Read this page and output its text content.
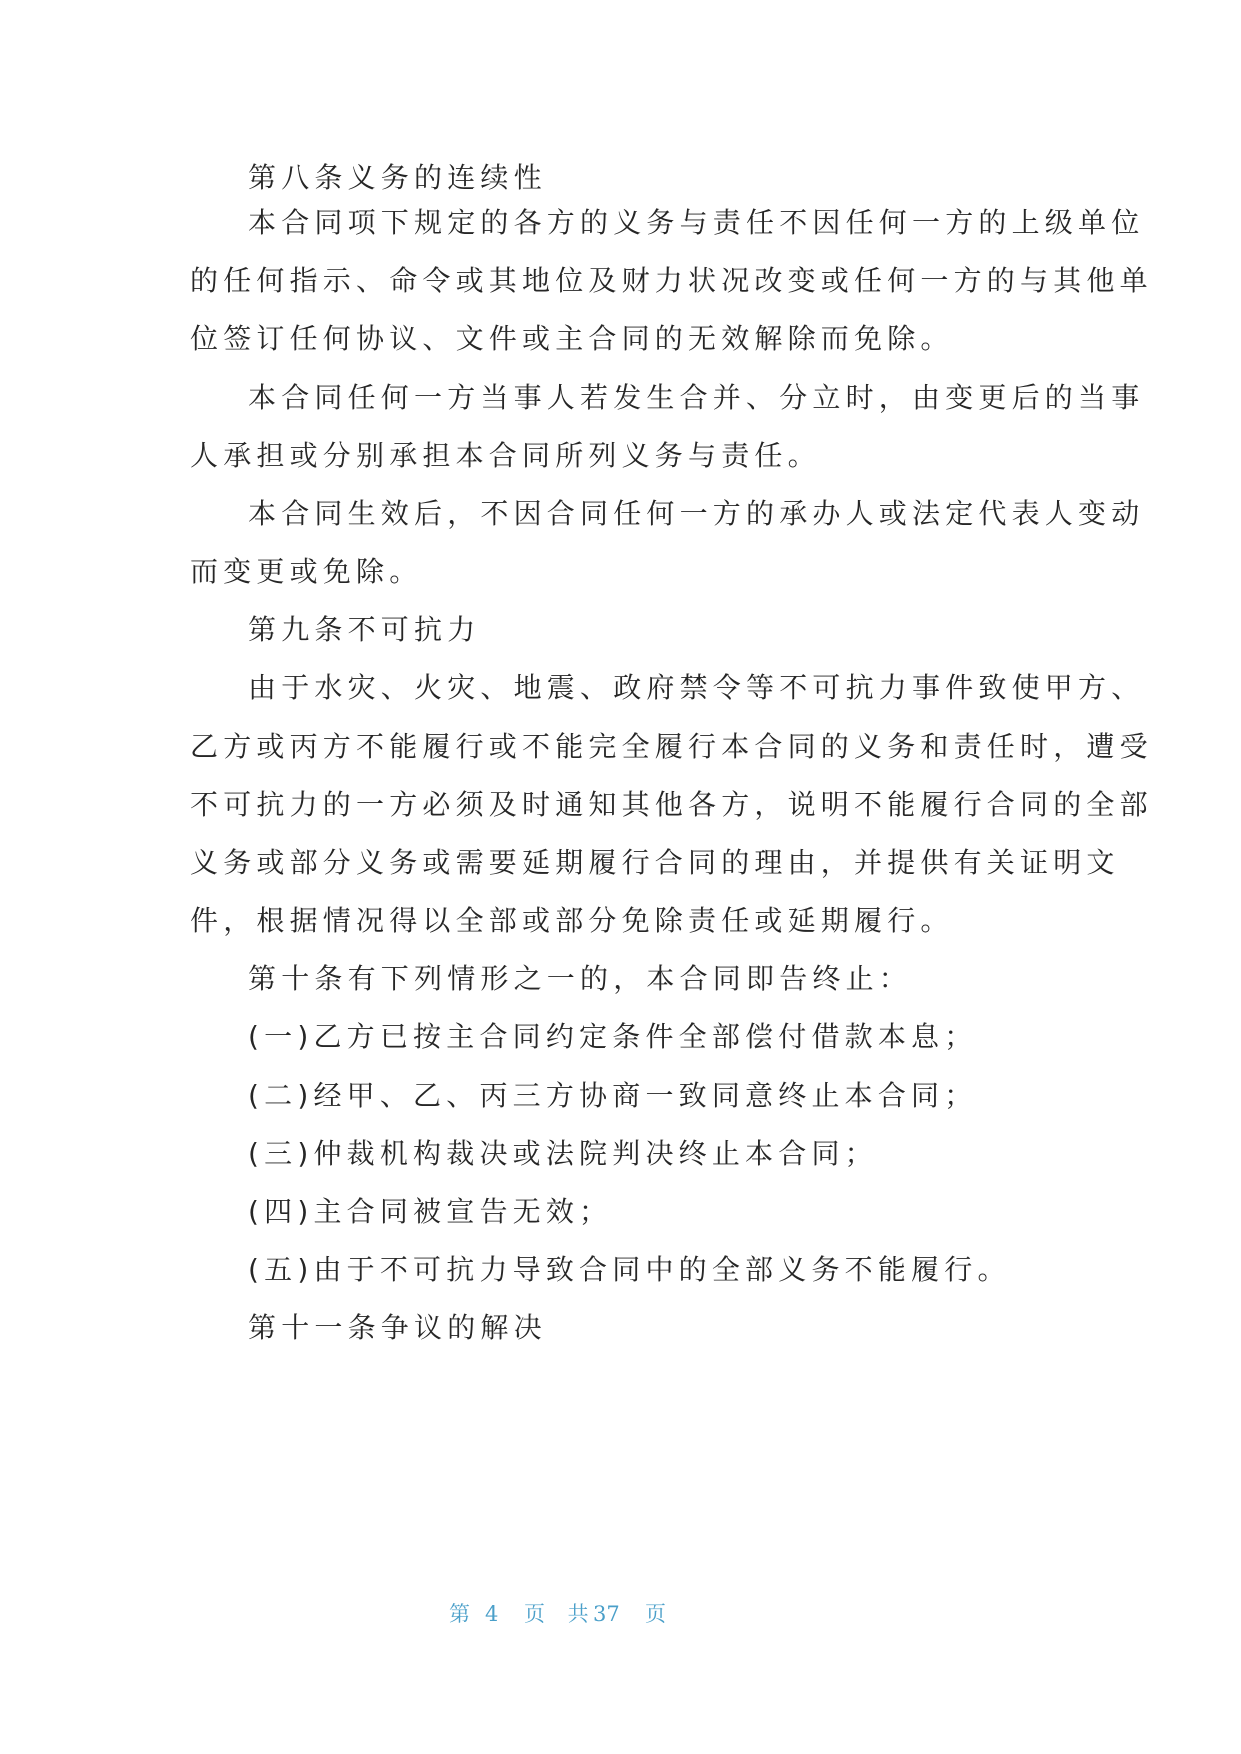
第八条义务的连续性
本合同项下规定的各方的义务与责任不因任何一方的上级单位
的任何指示、命令或其地位及财力状况改变或任何一方的与其他单
位签订任何协议、文件或主合同的无效解除而免除。
本合同任何一方当事人若发生合并、分立时，由变更后的当事
人承担或分别承担本合同所列义务与责任。
本合同生效后，不因合同任何一方的承办人或法定代表人变动
而变更或免除。
第九条不可抗力
由于水灾、火灾、地震、政府禁令等不可抗力事件致使甲方、
乙方或丙方不能履行或不能完全履行本合同的义务和责任时，遭受
不可抗力的一方必须及时通知其他各方，说明不能履行合同的全部
义务或部分义务或需要延期履行合同的理由，并提供有关证明文
件，根据情况得以全部或部分免除责任或延期履行。
第十条有下列情形之一的，本合同即告终止：
(一)乙方已按主合同约定条件全部偿付借款本息；
(二)经甲、乙、丙三方协商一致同意终止本合同；
(三)仲裁机构裁决或法院判决终止本合同；
(四)主合同被宣告无效；
(五)由于不可抗力导致合同中的全部义务不能履行。
第十一条争议的解决
第 4 页 共
37 页
